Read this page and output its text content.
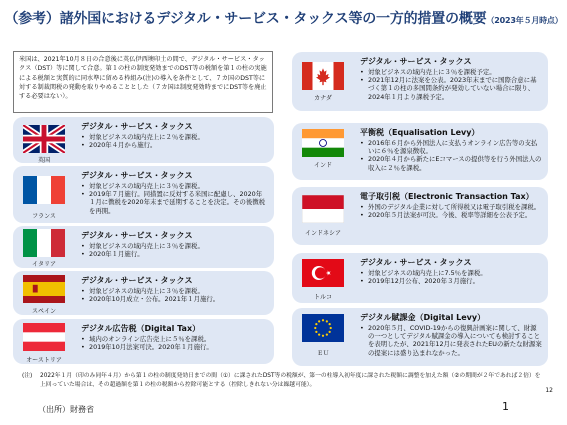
（参考）諸外国におけるデジタル・サービス・タックス等の一方的措置の概要（2023年５月時点）
米国は、2021年10月８日の合意後に英仏伊西墺印土の間で、デジタル・サービス・タックス（DST）等に関して合意。第１の柱の制度発効までのDST等の税額を第１の柱の実施による税額と実質的に同水準に留める枠組み(注)の導入を条件として、７カ国のDST等に対する制裁関税の発動を取りやめることとした（７カ国は制度発効時までにDST等を廃止する必要はない）。
英国
デジタル・サービス・タックス
• 対象ビジネスの域内売上に２％を課税。
• 2020年４月から施行。
フランス
デジタル・サービス・タックス
• 対象ビジネスの域内売上に３％を課税。
• 2019年７月施行。同措置に反対する米国に配慮し、2020年１月に徴税を2020年末まで延期することを決定。その後徴税を再開。
イタリア
デジタル・サービス・タックス
• 対象ビジネスの域内売上に３％を課税。
• 2020年１月施行。
スペイン
デジタル・サービス・タックス
• 対象ビジネスの域内売上に３％を課税。
• 2020年10月成立・公布。2021年１月施行。
オーストリア
デジタル広告税（Digital Tax）
• 域内のオンライン広告売上に５％を課税。
• 2019年10月法案可決。2020年１月施行。
カナダ
デジタル・サービス・タックス
• 対象ビジネスの域内売上に３％を課税予定。
• 2021年12月に法案を公表。2023年末までに国際合意に基づく第１の柱の多国間条約が発効していない場合に限り、2024年１月より課税予定。
インド
平衡税（Equalisation Levy）
• 2016年６月から外国法人に支払うオンライン広告等の支払いに６％を源泉徴収。
• 2020年４月から新たにEコマースの提供等を行う外国法人の収入に２％を課税。
インドネシア
電子取引税（Electronic Transaction Tax）
• 外国のデジタル企業に対して所得税又は電子取引税を課税。
• 2020年５月法案が可決。今後、税率等詳細を公表予定。
トルコ
デジタル・サービス・タックス
• 対象ビジネスの域内売上に7.5％を課税。
• 2019年12月公布、2020年３月施行。
ＥＵ
デジタル賦課金（Digital Levy）
• 2020年５月、COVID-19からの復興計画案に関して、財源の一つとしてデジタル賦課金の導入についても検討することを表明したが、2021年12月に発表されたEUの新たな財源案の提案には盛り込まれなかった。
(注) 2022年１月（印のみ同年４月）から第１の柱の制度発効日までの間（①）に課されたDST等の税額が、第一の柱導入初年度に課された税額に調整を加えた額（②の期間が２年であれば２倍）を上回っていた場合は、その超過額を第１の柱の税額から控除可能とする（控除しきれない分は繰越可能）。
12
（出所）財務省	1
